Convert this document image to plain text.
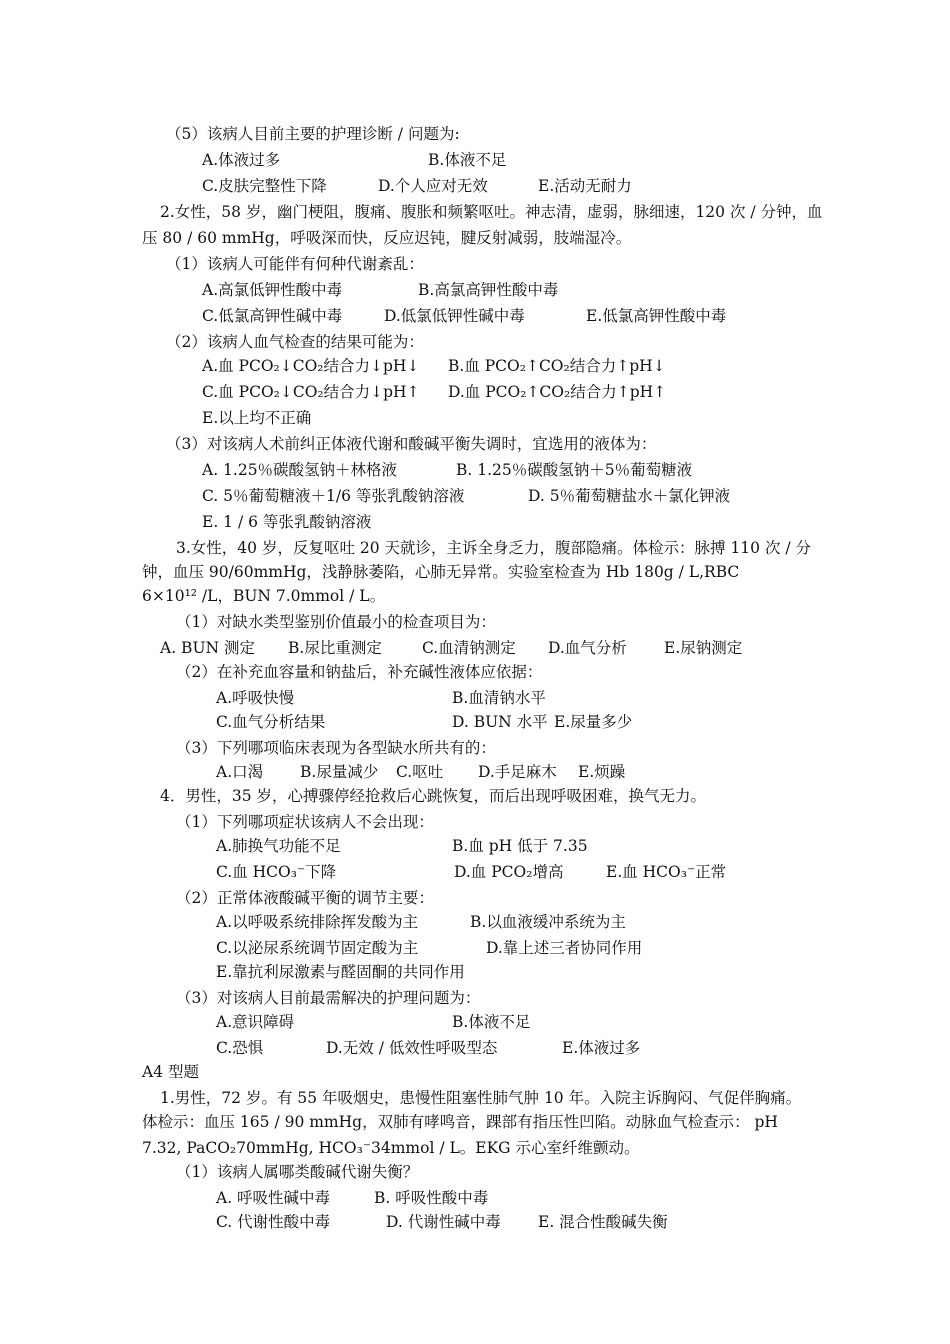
（5）该病人目前主要的护理诊断 / 问题为:
A.体液过多	B.体液不足
C.皮肤完整性下降	D.个人应对无效	E.活动无耐力
2.女性，58 岁，幽门梗阻，腹痛、腹胀和频繁呕吐。神志清，虚弱，脉细速，120 次 / 分钟，血
压 80 / 60 mmHg，呼吸深而快，反应迟钝，腱反射减弱，肢端湿冷。
（1）该病人可能伴有何种代谢紊乱：
A.高氯低钾性酸中毒	B.高氯高钾性酸中毒
C.低氯高钾性碱中毒	D.低氯低钾性碱中毒	E.低氯高钾性酸中毒
（2）该病人血气检查的结果可能为：
A.血 PCO₂↓CO₂结合力↓pH↓ B.血 PCO₂↑CO₂结合力↑pH↓
C.血 PCO₂↓CO₂结合力↓pH↑ D.血 PCO₂↑CO₂结合力↑pH↑
E.以上均不正确
（3）对该病人术前纠正体液代谢和酸碱平衡失调时，宜选用的液体为：
A. 1.25％碳酸氢钠＋林格液	B. 1.25％碳酸氢钠＋5％葡萄糖液
C. 5％葡萄糖液＋1/6 等张乳酸钠溶液	D. 5％葡萄糖盐水＋氯化钾液
E. 1 / 6 等张乳酸钠溶液
3.女性，40 岁，反复呕吐 20 天就诊，主诉全身乏力，腹部隐痛。体检示：脉搏 110 次 / 分
钟，血压 90/60mmHg，浅静脉萎陷，心肺无异常。实验室检查为 Hb 180g / L,RBC
6×10¹² /L，BUN 7.0mmol / L。
（1）对缺水类型鉴别价值最小的检查项目为：
A. BUN 测定 B.尿比重测定	C.血清钠测定 D.血气分析 E.尿钠测定
（2）在补充血容量和钠盐后，补充碱性液体应依据：
A.呼吸快慢	B.血清钠水平
C.血气分析结果	D. BUN 水平 E.尿量多少
（3）下列哪项临床表现为各型缺水所共有的：
A.口渴 B.尿量减少 C.呕吐 D.手足麻木 E.烦躁
4．男性，35 岁，心搏骤停经抢救后心跳恢复，而后出现呼吸困难，换气无力。
（1）下列哪项症状该病人不会出现：
A.肺换气功能不足	B.血 pH 低于 7.35
C.血 HCO₃⁻下降	D.血 PCO₂增高	E.血 HCO₃⁻正常
（2）正常体液酸碱平衡的调节主要：
A.以呼吸系统排除挥发酸为主	B.以血液缓冲系统为主
C.以泌尿系统调节固定酸为主	D.靠上述三者协同作用
E.靠抗利尿激素与醛固酮的共同作用
（3）对该病人目前最需解决的护理问题为：
A.意识障碍	B.体液不足
C.恐惧	D.无效 / 低效性呼吸型态	E.体液过多
A4 型题
1.男性，72 岁。有 55 年吸烟史，患慢性阻塞性肺气肿 10 年。入院主诉胸闷、气促伴胸痛。
体检示：血压 165 / 90 mmHg，双肺有哮鸣音，踝部有指压性凹陷。动脉血气检查示： pH
7.32, PaCO₂70mmHg, HCO₃⁻34mmol / L。EKG 示心室纤维颤动。
（1）该病人属哪类酸碱代谢失衡？
A. 呼吸性碱中毒	B. 呼吸性酸中毒
C. 代谢性酸中毒	D. 代谢性碱中毒 E. 混合性酸碱失衡
